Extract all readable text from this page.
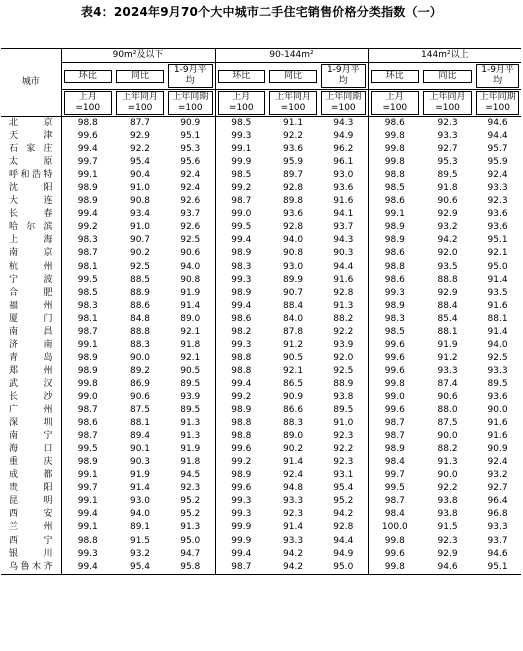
表4：2024年9月70个大中城市二手住宅销售价格分类指数（一）
城市	90m²及以下			90-144m²			144m²以上		

	环比	同比	1-9月平均	环比	同比	1-9月平均	环比	同比	1-9月平均

	上月=100	上年同月=100	上年同期=100	上月=100	上年同月=100	上年同期=100	上月=100	上年同月=100	上年同期=100

北京	98.8	87.7	90.9	98.5	91.1	94.3	98.6	92.3	94.6
天津	99.6	92.9	95.1	99.3	92.2	94.9	99.8	93.3	94.4
石家庄	99.4	92.2	95.3	99.1	93.6	96.2	99.8	92.7	95.7
太原	99.7	95.4	95.6	99.9	95.9	96.1	99.8	95.3	95.9
呼和浩特	99.1	90.4	92.4	98.5	89.7	93.0	98.8	89.5	92.4
沈阳	98.9	91.0	92.4	99.2	92.8	93.6	98.5	91.8	93.3
大连	98.9	90.8	92.6	98.7	89.8	91.6	98.6	90.6	92.3
长春	99.4	93.4	93.7	99.0	93.6	94.1	99.1	92.9	93.6
哈尔滨	99.2	91.0	92.6	99.5	92.8	93.7	98.9	93.2	93.6
上海	98.3	90.7	92.5	99.4	94.0	94.3	98.9	94.2	95.1
南京	98.7	90.2	90.6	98.9	90.8	90.3	98.6	92.0	92.1
杭州	98.1	92.5	94.0	98.3	93.0	94.4	98.8	93.5	95.0
宁波	99.5	88.5	90.8	99.3	89.9	91.6	98.6	88.8	91.4
合肥	98.5	88.9	91.9	98.9	90.7	92.8	99.3	92.9	93.5
福州	98.3	88.6	91.4	99.4	88.4	91.3	98.9	88.4	91.6
厦门	98.1	84.8	89.0	98.6	84.0	88.2	98.3	85.4	88.1
南昌	98.7	88.8	92.1	98.2	87.8	92.2	98.5	88.1	91.4
济南	99.1	88.3	91.8	99.3	91.2	93.9	99.6	91.9	94.0
青岛	98.9	90.0	92.1	98.8	90.5	92.0	99.6	91.2	92.5
郑州	98.9	89.2	90.5	98.8	92.1	92.5	99.6	93.3	93.3
武汉	99.8	86.9	89.5	99.4	86.5	88.9	99.8	87.4	89.5
长沙	99.0	90.6	93.9	99.2	90.9	93.8	99.0	90.6	93.6
广州	98.7	87.5	89.5	98.9	86.6	89.5	99.6	88.0	90.0
深圳	98.6	88.1	91.3	98.8	88.3	91.0	98.7	87.5	91.6
南宁	98.7	89.4	91.3	98.8	89.0	92.3	98.7	90.0	91.6
海口	99.5	90.1	91.9	99.6	90.2	92.2	98.9	88.2	90.9
重庆	98.9	90.3	91.8	99.2	91.4	92.3	98.4	91.3	92.4
成都	99.1	91.9	94.5	98.9	92.4	93.1	99.7	90.0	93.2
贵阳	99.7	91.4	92.3	99.6	94.8	95.4	99.5	92.2	92.7
昆明	99.1	93.0	95.2	99.3	93.3	95.2	98.7	93.8	96.4
西安	99.4	94.0	95.2	99.3	92.3	94.2	98.4	93.8	96.8
兰州	99.1	89.1	91.3	99.9	91.4	92.8	100.0	91.5	93.3
西宁	98.8	91.5	95.0	99.9	93.3	94.4	99.8	92.3	93.7
银川	99.3	93.2	94.7	99.4	94.2	94.9	99.6	92.9	94.6
乌鲁木齐	99.4	95.4	95.8	98.7	94.2	95.0	99.8	94.6	95.1
